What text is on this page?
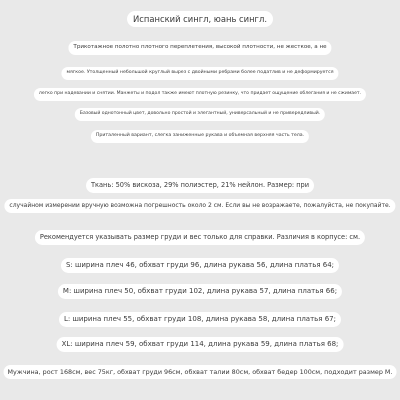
Испанский сингл, юань сингл.
Трикотажное полотно плотного переплетения, высокой плотности, не жесткое, а не
мягкое. Утолщенный небольшой круглый вырез с двойными ребрами более податлив и не деформируется
легко при надевании и снятии. Манжеты и подол также имеют плотную резинку, что придает ощущение облегания и не сжимает.
Базовый однотонный цвет, довольно простой и элегантный, универсальный и не привередливый.
Приталенный вариант, слегка заниженные рукава и объемная верхняя часть тела.
Ткань: 50% вискоза, 29% полиэстер, 21% нейлон. Размер: при
случайном измерении вручную возможна погрешность около 2 см. Если вы не возражаете, пожалуйста, не покупайте.
Рекомендуется указывать размер груди и вес только для справки. Различия в корпусе: см.
S: ширина плеч 46, обхват груди 96, длина рукава 56, длина платья 64;
M: ширина плеч 50, обхват груди 102, длина рукава 57, длина платья 66;
L: ширина плеч 55, обхват груди 108, длина рукава 58, длина платья 67;
XL: ширина плеч 59, обхват груди 114, длина рукава 59, длина платья 68;
Мужчина, рост 168см, вес 75кг, обхват груди 96см, обхват талии 80см, обхват бедер 100см, подходит размер M.
